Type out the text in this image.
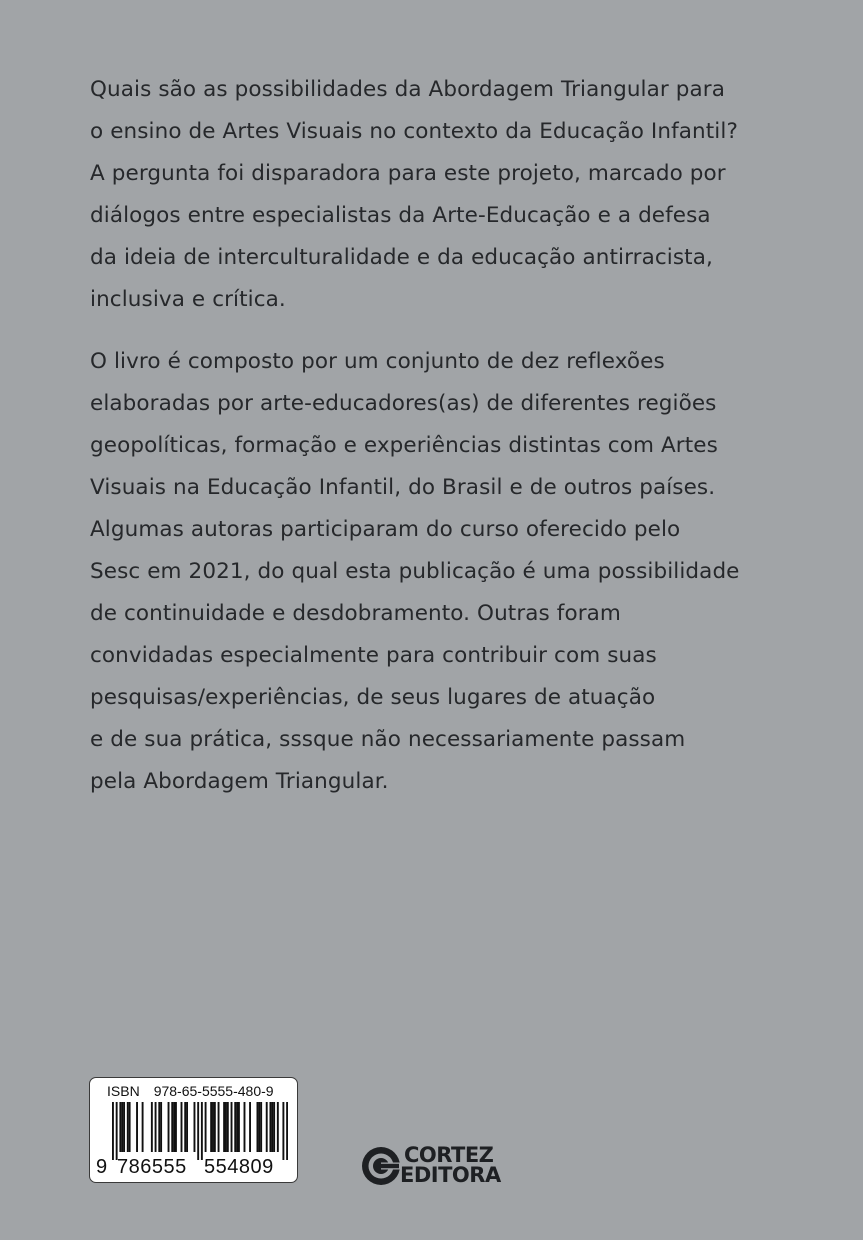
Quais são as possibilidades da Abordagem Triangular para
o ensino de Artes Visuais no contexto da Educação Infantil?
A pergunta foi disparadora para este projeto, marcado por
diálogos entre especialistas da Arte-Educação e a defesa
da ideia de interculturalidade e da educação antirracista,
inclusiva e crítica.
O livro é composto por um conjunto de dez reflexões
elaboradas por arte-educadores(as) de diferentes regiões
geopolíticas, formação e experiências distintas com Artes
Visuais na Educação Infantil, do Brasil e de outros países.
Algumas autoras participaram do curso oferecido pelo
Sesc em 2021, do qual esta publicação é uma possibilidade
de continuidade e desdobramento. Outras foram
convidadas especialmente para contribuir com suas
pesquisas/experiências, de seus lugares de atuação
e de sua prática, sssque não necessariamente passam
pela Abordagem Triangular.
ISBN 978-65-5555-480-9
9 786555 554809	CORTEZ
EDITORA
